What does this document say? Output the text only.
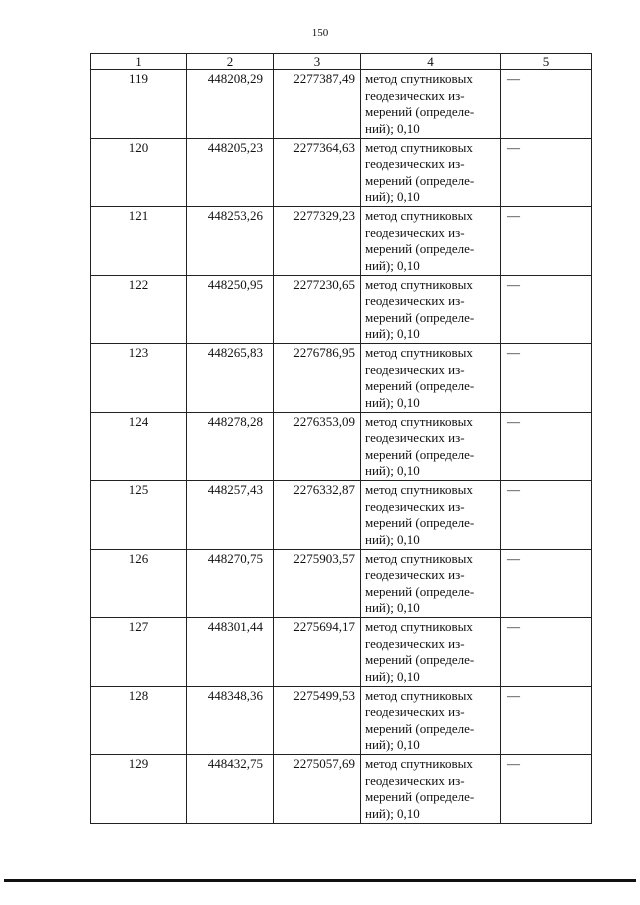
150
1	2	3	4	5
119	448208,29	2277387,49	метод спутниковых
геодезических из-
мерений (определе-
ний); 0,10	—
120	448205,23	2277364,63	метод спутниковых
геодезических из-
мерений (определе-
ний); 0,10	—
121	448253,26	2277329,23	метод спутниковых
геодезических из-
мерений (определе-
ний); 0,10	—
122	448250,95	2277230,65	метод спутниковых
геодезических из-
мерений (определе-
ний); 0,10	—
123	448265,83	2276786,95	метод спутниковых
геодезических из-
мерений (определе-
ний); 0,10	—
124	448278,28	2276353,09	метод спутниковых
геодезических из-
мерений (определе-
ний); 0,10	—
125	448257,43	2276332,87	метод спутниковых
геодезических из-
мерений (определе-
ний); 0,10	—
126	448270,75	2275903,57	метод спутниковых
геодезических из-
мерений (определе-
ний); 0,10	—
127	448301,44	2275694,17	метод спутниковых
геодезических из-
мерений (определе-
ний); 0,10	—
128	448348,36	2275499,53	метод спутниковых
геодезических из-
мерений (определе-
ний); 0,10	—
129	448432,75	2275057,69	метод спутниковых
геодезических из-
мерений (определе-
ний); 0,10	—
